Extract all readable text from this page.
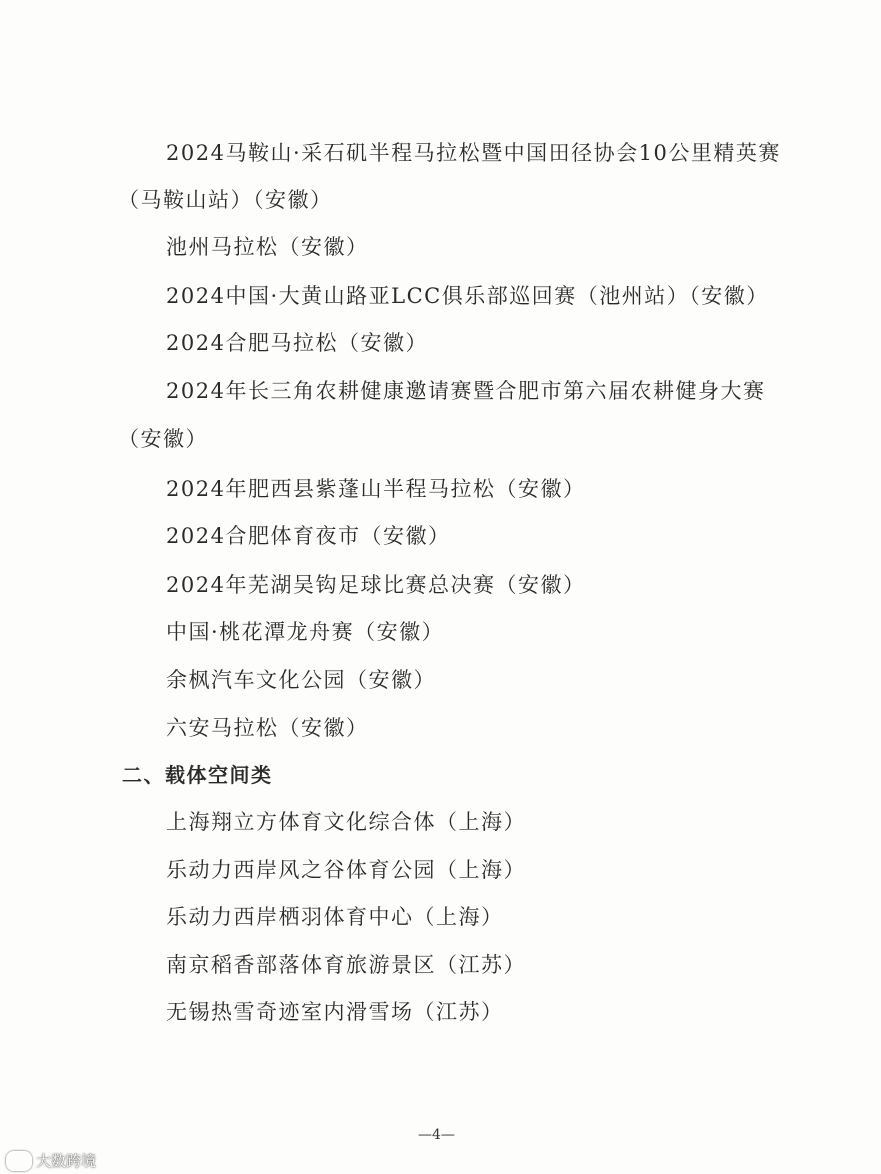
2024马鞍山·采石矶半程马拉松暨中国田径协会10公里精英赛
（马鞍山站）（安徽）
池州马拉松（安徽）
2024中国·大黄山路亚LCC俱乐部巡回赛（池州站）（安徽）
2024合肥马拉松（安徽）
2024年长三角农耕健康邀请赛暨合肥市第六届农耕健身大赛
（安徽）
2024年肥西县紫蓬山半程马拉松（安徽）
2024合肥体育夜市（安徽）
2024年芜湖吴钩足球比赛总决赛（安徽）
中国·桃花潭龙舟赛（安徽）
余枫汽车文化公园（安徽）
六安马拉松（安徽）
二、载体空间类
上海翔立方体育文化综合体（上海）
乐动力西岸风之谷体育公园（上海）
乐动力西岸栖羽体育中心（上海）
南京稻香部落体育旅游景区（江苏）
无锡热雪奇迹室内滑雪场（江苏）
—4—
大数跨境
